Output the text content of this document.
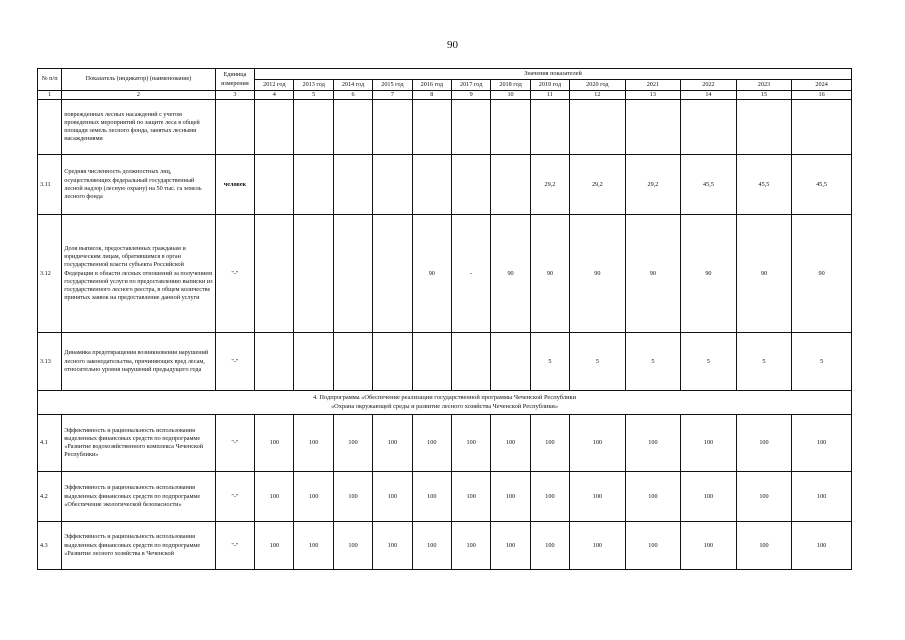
90
№ п/п	Показатель (индикатор) (наименование)	Единица измерения	Значения показателей												
			2012 год	2013 год	2014 год	2015 год	2016 год	2017 год	2018 год	2019 год	2020 год	2021	2022	2023	2024
1	2	3	4	5	6	7	8	9	10	11	12	13	14	15	16
	поврежденных лесных насаждений с учетом проведенных мероприятий по защите леса в общей площади земель лесного фонда, занятых лесными насаждениями														
3.11	Средняя численность должностных лиц, осуществляющих федеральный государственный лесной надзор (лесную охрану) на 50 тыс. га земель лесного фонда	человек								29,2	29,2	29,2	45,5	45,5	45,5
3.12	Доля выписок, предоставленных гражданам и юридическим лицам, обратившимся в орган государственной власти субъекта Российской Федерации в области лесных отношений за получением государственной услуги по предоставлению выписки из государственного лесного реестра, в общем количестве принятых заявок на предоставление данной услуги	"-"					90	-	90	90	90	90	90	90	90
3.13	Динамика предотвращения возникновения нарушений лесного законодательства, причиняющих вред лесам, относительно уровня нарушений предыдущего года	"-"								5	5	5	5	5	5

4. Подпрограмма «Обеспечение реализации государственной программы Чеченской Республики
«Охрана окружающей среды и развитие лесного хозяйства Чеченской Республики»															

4.1	Эффективность и рациональность использования выделенных финансовых средств по подпрограмме «Развитие водохозяйственного комплекса Чеченской Республики»	"-"	100	100	100	100	100	100	100	100	100	100	100	100	100
4.2	Эффективность и рациональность использования выделенных финансовых средств по подпрограмме «Обеспечение экологической безопасности»	"-"	100	100	100	100	100	100	100	100	100	100	100	100	100
4.3	Эффективность и рациональность использования выделенных финансовых средств по подпрограмме «Развитие лесного хозяйства в Чеченской	"-"	100	100	100	100	100	100	100	100	100	100	100	100	100
